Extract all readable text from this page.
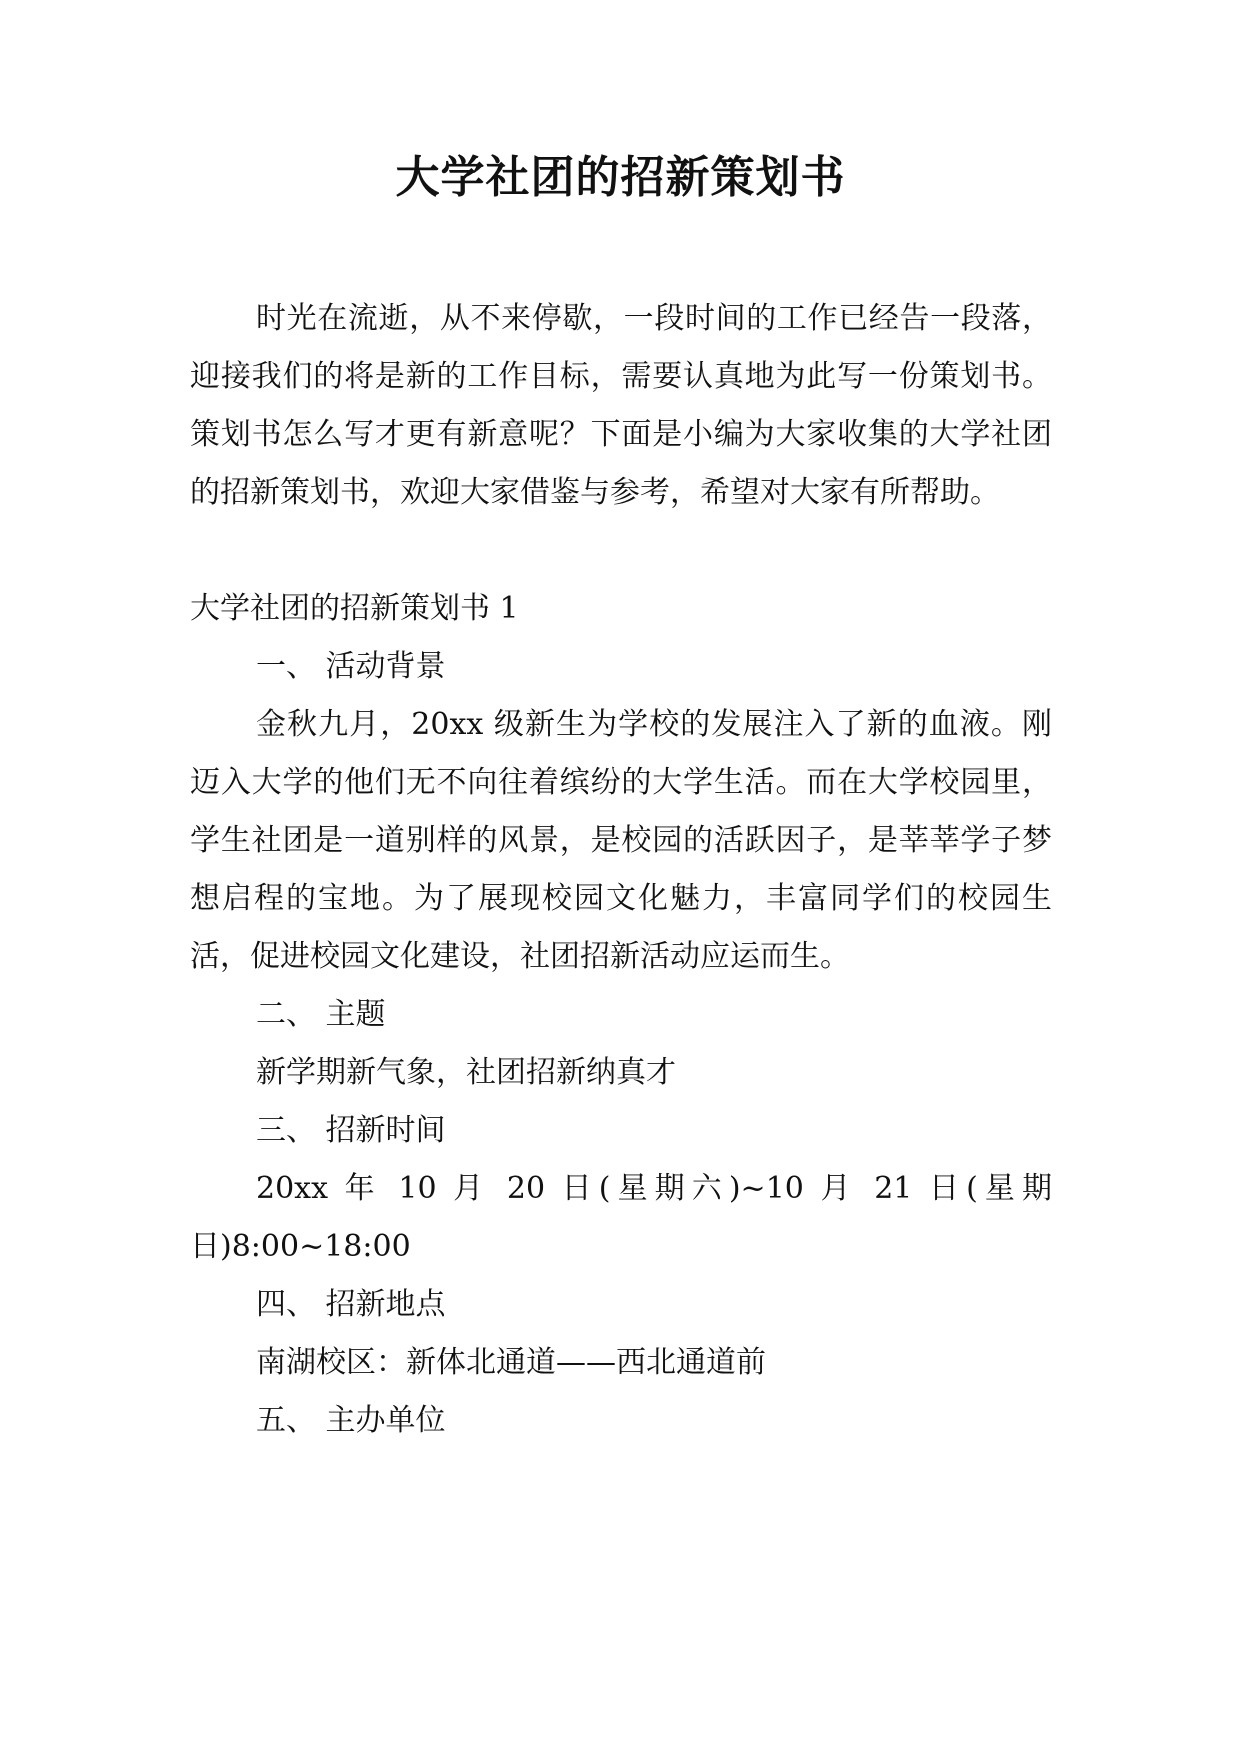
大学社团的招新策划书

时光在流逝，从不来停歇，一段时间的工作已经告一段落，迎接我们的将是新的工作目标，需要认真地为此写一份策划书。策划书怎么写才更有新意呢？下面是小编为大家收集的大学社团的招新策划书，欢迎大家借鉴与参考，希望对大家有所帮助。

大学社团的招新策划书 1

一、 活动背景

金秋九月，20xx 级新生为学校的发展注入了新的血液。刚迈入大学的他们无不向往着缤纷的大学生活。而在大学校园里，学生社团是一道别样的风景，是校园的活跃因子，是莘莘学子梦想启程的宝地。为了展现校园文化魅力，丰富同学们的校园生活，促进校园文化建设，社团招新活动应运而生。

二、 主题

新学期新气象，社团招新纳真才

三、 招新时间

20xx 年 10 月 20 日(星期六)~10 月 21 日(星期日)8:00~18:00

四、 招新地点

南湖校区：新体北通道——西北通道前

五、 主办单位
